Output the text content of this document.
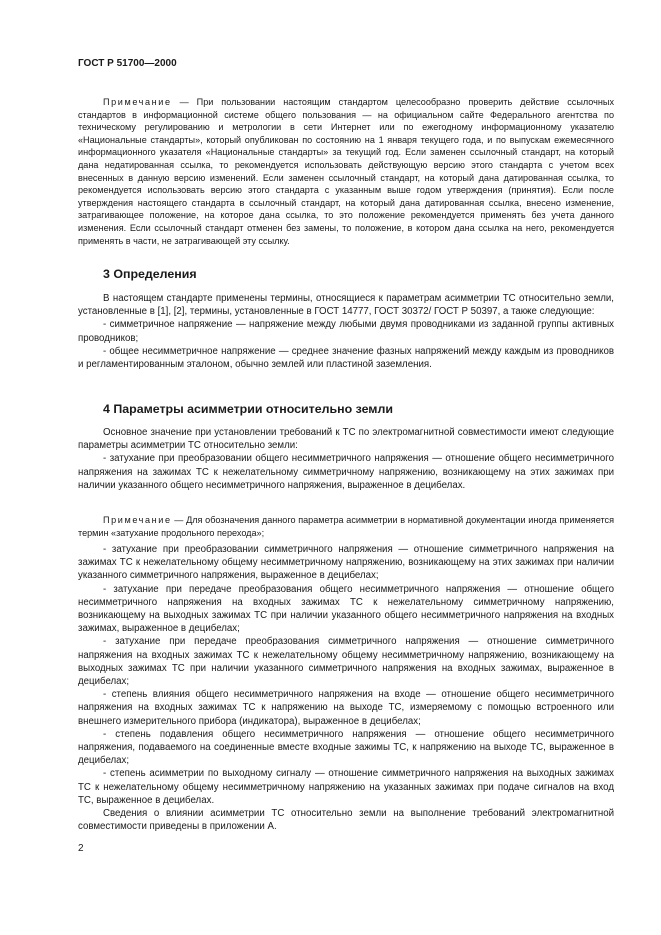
ГОСТ Р 51700—2000
Примечание — При пользовании настоящим стандартом целесообразно проверить действие ссылочных стандартов в информационной системе общего пользования — на официальном сайте Федерального агентства по техническому регулированию и метрологии в сети Интернет или по ежегодному информационному указателю «Национальные стандарты», который опубликован по состоянию на 1 января текущего года, и по выпускам ежемесячного информационного указателя «Национальные стандарты» за текущий год. Если заменен ссылочный стандарт, на который дана недатированная ссылка, то рекомендуется использовать действующую версию этого стандарта с учетом всех внесенных в данную версию изменений. Если заменен ссылочный стандарт, на который дана датированная ссылка, то рекомендуется использовать версию этого стандарта с указанным выше годом утверждения (принятия). Если после утверждения настоящего стандарта в ссылочный стандарт, на который дана датированная ссылка, внесено изменение, затрагивающее положение, на которое дана ссылка, то это положение рекомендуется применять без учета данного изменения. Если ссылочный стандарт отменен без замены, то положение, в котором дана ссылка на него, рекомендуется применять в части, не затрагивающей эту ссылку.
3 Определения

В настоящем стандарте применены термины, относящиеся к параметрам асимметрии ТС относительно земли, установленные в [1], [2], термины, установленные в ГОСТ 14777, ГОСТ 30372/ ГОСТ Р 50397, а также следующие:

- симметричное напряжение — напряжение между любыми двумя проводниками из заданной группы активных проводников;

- общее несимметричное напряжение — среднее значение фазных напряжений между каждым из проводников и регламентированным эталоном, обычно землей или пластиной заземления.

4 Параметры асимметрии относительно земли

Основное значение при установлении требований к ТС по электромагнитной совместимости имеют следующие параметры асимметрии ТС относительно земли:

- затухание при преобразовании общего несимметричного напряжения — отношение общего несимметричного напряжения на зажимах ТС к нежелательному симметричному напряжению, возникающему на этих зажимах при наличии указанного общего несимметричного напряжения, выраженное в децибелах.

Примечание — Для обозначения данного параметра асимметрии в нормативной документации иногда применяется термин «затухание продольного перехода»;

- затухание при преобразовании симметричного напряжения — отношение симметричного напряжения на зажимах ТС к нежелательному общему несимметричному напряжению, возникающему на этих зажимах при наличии указанного симметричного напряжения, выраженное в децибелах;

- затухание при передаче преобразования общего несимметричного напряжения — отношение общего несимметричного напряжения на входных зажимах ТС к нежелательному симметричному напряжению, возникающему на выходных зажимах ТС при наличии указанного общего несимметричного напряжения на входных зажимах, выраженное в децибелах;

- затухание при передаче преобразования симметричного напряжения — отношение симметричного напряжения на входных зажимах ТС к нежелательному общему несимметричному напряжению, возникающему на выходных зажимах ТС при наличии указанного симметричного напряжения на входных зажимах, выраженное в децибелах;

- степень влияния общего несимметричного напряжения на входе — отношение общего несимметричного напряжения на входных зажимах ТС к напряжению на выходе ТС, измеряемому с помощью встроенного или внешнего измерительного прибора (индикатора), выраженное в децибелах;

- степень подавления общего несимметричного напряжения — отношение общего несимметричного напряжения, подаваемого на соединенные вместе входные зажимы ТС, к напряжению на выходе ТС, выраженное в децибелах;

- степень асимметрии по выходному сигналу — отношение симметричного напряжения на выходных зажимах ТС к нежелательному общему несимметричному напряжению на указанных зажимах при подаче сигналов на вход ТС, выраженное в децибелах.

Сведения о влиянии асимметрии ТС относительно земли на выполнение требований электромагнитной совместимости приведены в приложении А.

2
